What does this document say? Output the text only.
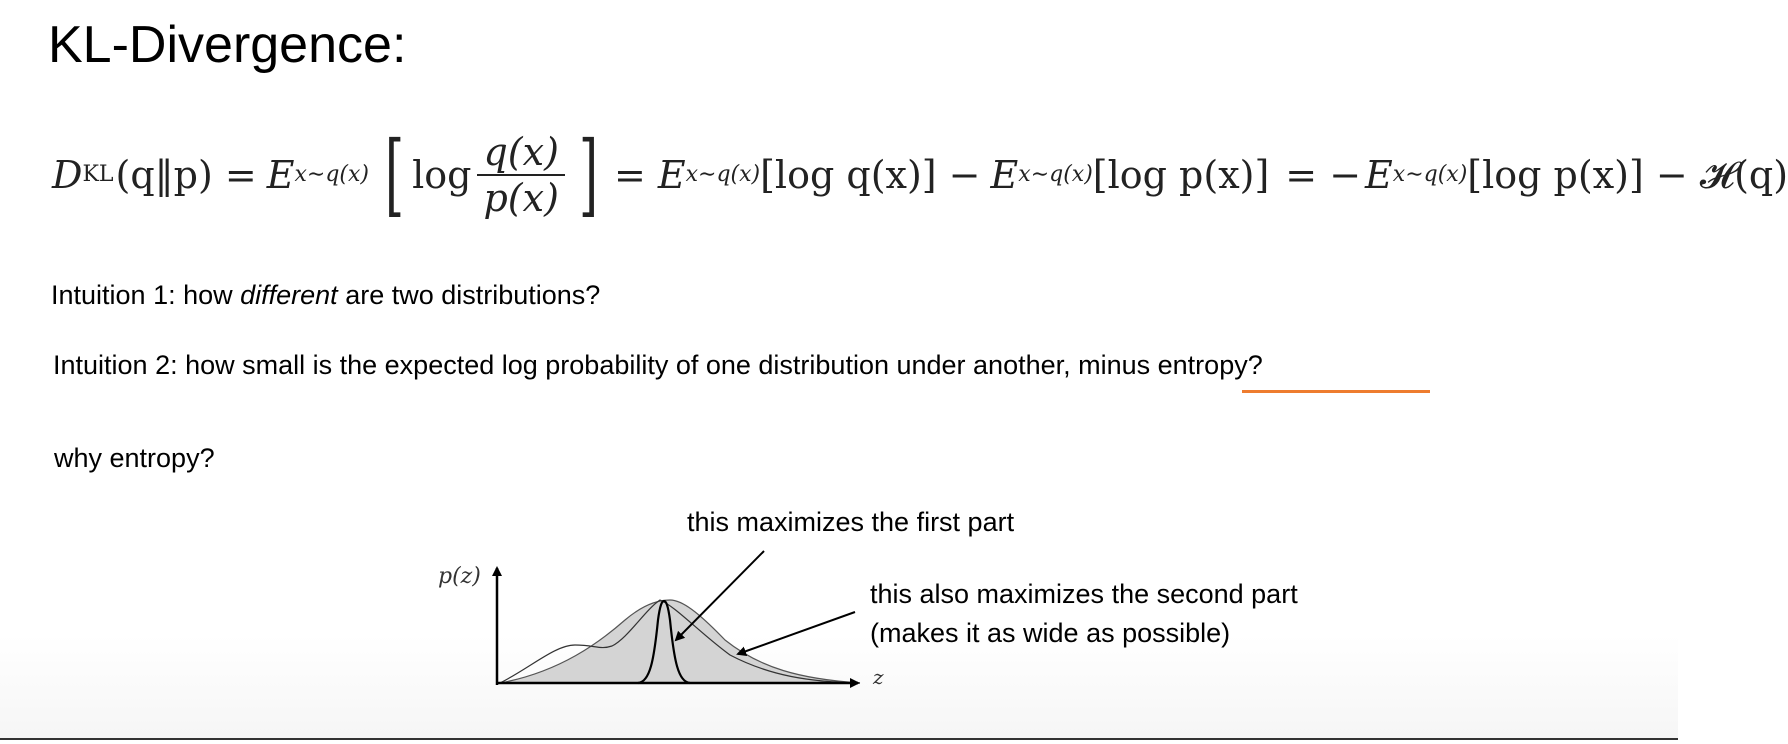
KL-Divergence:
D KL (q‖p) = E x∼q(x) [ $\log \frac{q(x)}{p(x)}$ ] = E x∼q(x) [log q(x)] − E x∼q(x) [log p(x)] = − E x∼q(x) [log p(x)] − 𝓗(q)
Intuition 1: how different are two distributions?
Intuition 2: how small is the expected log probability of one distribution under another, minus entropy?
why entropy?
this maximizes the first part
this also maximizes the second part
(makes it as wide as possible)
p(z)
z
